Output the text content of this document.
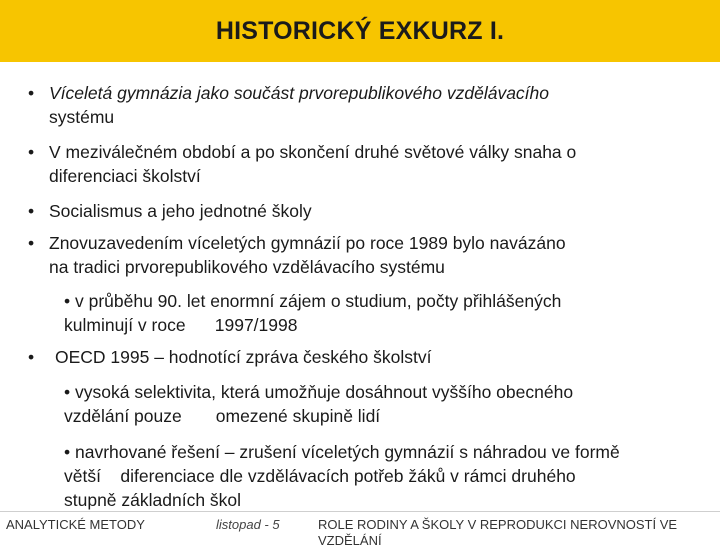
HISTORICKÝ EXKURZ I.
• Víceletá gymnázia jako součást prvorepublikového vzdělávacího
systému
• V meziválečném období a po skončení druhé světové války snaha o
diferenciaci školství
• Socialismus a jeho jednotné školy
• Znovuzavedením víceletých gymnázií po roce 1989 bylo navázáno
na tradici prvorepublikového vzdělávacího systému
• v průběhu 90. let enormní zájem o studium, počty přihlášených
kulminují v roce      1997/1998
• OECD 1995 – hodnotící zpráva českého školství
• vysoká selektivita, která umožňuje dosáhnout vyššího obecného
vzdělání pouze       omezené skupině lidí
• navrhované řešení – zrušení víceletých gymnázií s náhradou ve formě
větší    diferenciace dle vzdělávacích potřeb žáků v rámci druhého
stupně základních škol
ANALYTICKÉ METODY	listopad - 5	ROLE RODINY A ŠKOLY V REPRODUKCI NEROVNOSTÍ VE VZDĚLÁNÍ
